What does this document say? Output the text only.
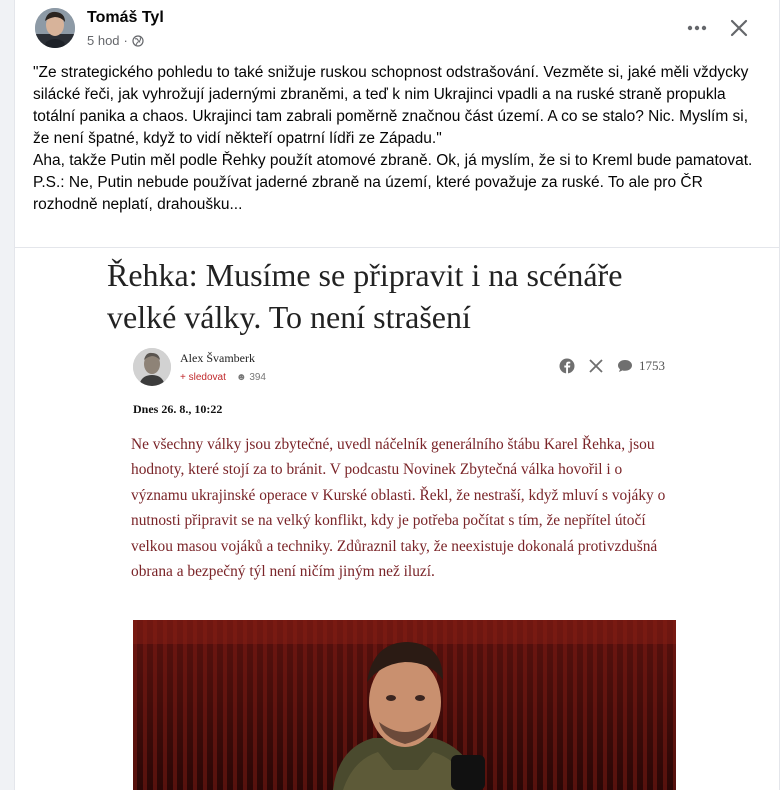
Tomáš Tyl
5 hod ·

"Ze strategického pohledu to také snižuje ruskou schopnost odstrašování. Vezměte si, jaké měli vždycky silácké řeči, jak vyhrožují jadernými zbraněmi, a teď k nim Ukrajinci vpadli a na ruské straně propukla totální panika a chaos. Ukrajinci tam zabrali poměrně značnou část území. A co se stalo? Nic. Myslím si, že není špatné, když to vidí někteří opatrní lídři ze Západu."

Aha, takže Putin měl podle Řehky použít atomové zbraně. Ok, já myslím, že si to Kreml bude pamatovat.

P.S.: Ne, Putin nebude používat jaderné zbraně na území, které považuje za ruské. To ale pro ČR rozhodně neplatí, drahoušku...

Řehka: Musíme se připravit i na scénáře velké války. To není strašení
Alex Švamberk
+ sledovat ☻ 394
1753
Dnes 26. 8., 10:22
Ne všechny války jsou zbytečné, uvedl náčelník generálního štábu Karel Řehka, jsou hodnoty, které stojí za to bránit. V podcastu Novinek Zbytečná válka hovořil i o významu ukrajinské operace v Kurské oblasti. Řekl, že nestraší, když mluví s vojáky o nutnosti připravit se na velký konflikt, kdy je potřeba počítat s tím, že nepřítel útočí velkou masou vojáků a techniky. Zdůraznil taky, že neexistuje dokonalá protivzdušná obrana a bezpečný týl není ničím jiným než iluzí.
